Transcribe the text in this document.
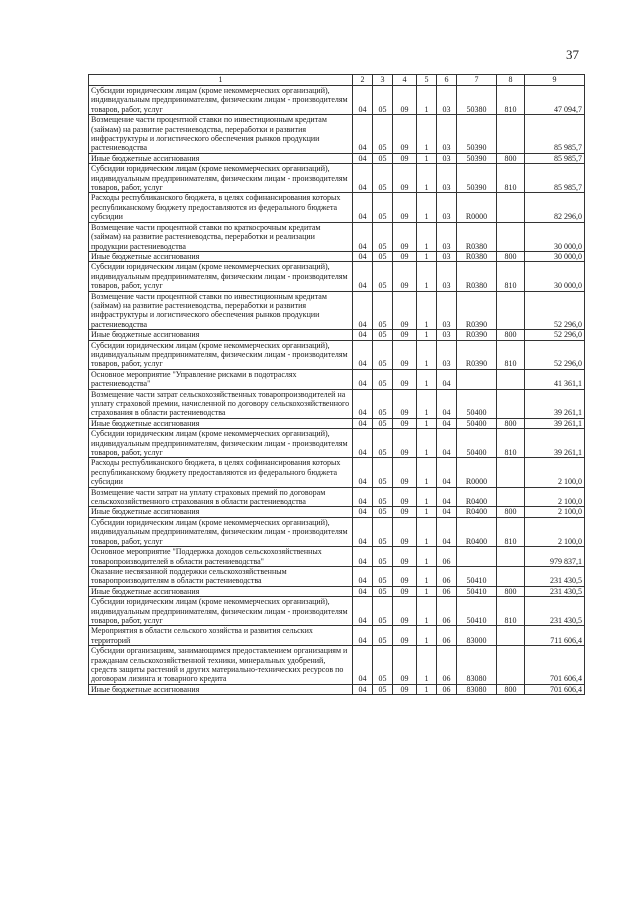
37
1	2	3	4	5	6	7	8	9
Субсидии юридическим лицам (кроме некоммерческих организаций), индивидуальным предпринимателям, физическим лицам - производителям товаров, работ, услуг	04	05	09	1	03	50380	810	47 094,7
Возмещение части процентной ставки по инвестиционным кредитам (займам) на развитие растениеводства, переработки и развития инфраструктуры и логистического обеспечения рынков продукции растениеводства	04	05	09	1	03	50390		85 985,7
Иные бюджетные ассигнования	04	05	09	1	03	50390	800	85 985,7
Субсидии юридическим лицам (кроме некоммерческих организаций), индивидуальным предпринимателям, физическим лицам - производителям товаров, работ, услуг	04	05	09	1	03	50390	810	85 985,7
Расходы республиканского бюджета, в целях софинансирования которых республиканскому бюджету предоставляются из федерального бюджета субсидии	04	05	09	1	03	R0000		82 296,0
Возмещение части процентной ставки по краткосрочным кредитам (займам) на развитие растениеводства, переработки и реализации продукции растениеводства	04	05	09	1	03	R0380		30 000,0
Иные бюджетные ассигнования	04	05	09	1	03	R0380	800	30 000,0
Субсидии юридическим лицам (кроме некоммерческих организаций), индивидуальным предпринимателям, физическим лицам - производителям товаров, работ, услуг	04	05	09	1	03	R0380	810	30 000,0
Возмещение части процентной ставки по инвестиционным кредитам (займам) на развитие растениеводства, переработки и развития инфраструктуры и логистического обеспечения рынков продукции растениеводства	04	05	09	1	03	R0390		52 296,0
Иные бюджетные ассигнования	04	05	09	1	03	R0390	800	52 296,0
Субсидии юридическим лицам (кроме некоммерческих организаций), индивидуальным предпринимателям, физическим лицам - производителям товаров, работ, услуг	04	05	09	1	03	R0390	810	52 296,0
Основное мероприятие "Управление рисками в подотраслях растениеводства"	04	05	09	1	04			41 361,1
Возмещение части затрат сельскохозяйственных товаропроизводителей на уплату страховой премии, начисленной по договору сельскохозяйственного страхования в области растениеводства	04	05	09	1	04	50400		39 261,1
Иные бюджетные ассигнования	04	05	09	1	04	50400	800	39 261,1
Субсидии юридическим лицам (кроме некоммерческих организаций), индивидуальным предпринимателям, физическим лицам - производителям товаров, работ, услуг	04	05	09	1	04	50400	810	39 261,1
Расходы республиканского бюджета, в целях софинансирования которых республиканскому бюджету предоставляются из федерального бюджета субсидии	04	05	09	1	04	R0000		2 100,0
Возмещение части затрат на уплату страховых премий по договорам сельскохозяйственного страхования в области растениеводства	04	05	09	1	04	R0400		2 100,0
Иные бюджетные ассигнования	04	05	09	1	04	R0400	800	2 100,0
Субсидии юридическим лицам (кроме некоммерческих организаций), индивидуальным предпринимателям, физическим лицам - производителям товаров, работ, услуг	04	05	09	1	04	R0400	810	2 100,0
Основное мероприятие "Поддержка доходов сельскохозяйственных товаропроизводителей в области растениеводства"	04	05	09	1	06			979 837,1
Оказание несвязанной поддержки сельскохозяйственным товаропроизводителям в области растениеводства	04	05	09	1	06	50410		231 430,5
Иные бюджетные ассигнования	04	05	09	1	06	50410	800	231 430,5
Субсидии юридическим лицам (кроме некоммерческих организаций), индивидуальным предпринимателям, физическим лицам - производителям товаров, работ, услуг	04	05	09	1	06	50410	810	231 430,5
Мероприятия в области сельского хозяйства и развития сельских территорий	04	05	09	1	06	83000		711 606,4
Субсидии организациям, занимающимся предоставлением организациям и гражданам сельскохозяйственной техники, минеральных удобрений, средств защиты растений и других материально-технических ресурсов по договорам лизинга и товарного кредита	04	05	09	1	06	83080		701 606,4
Иные бюджетные ассигнования	04	05	09	1	06	83080	800	701 606,4
